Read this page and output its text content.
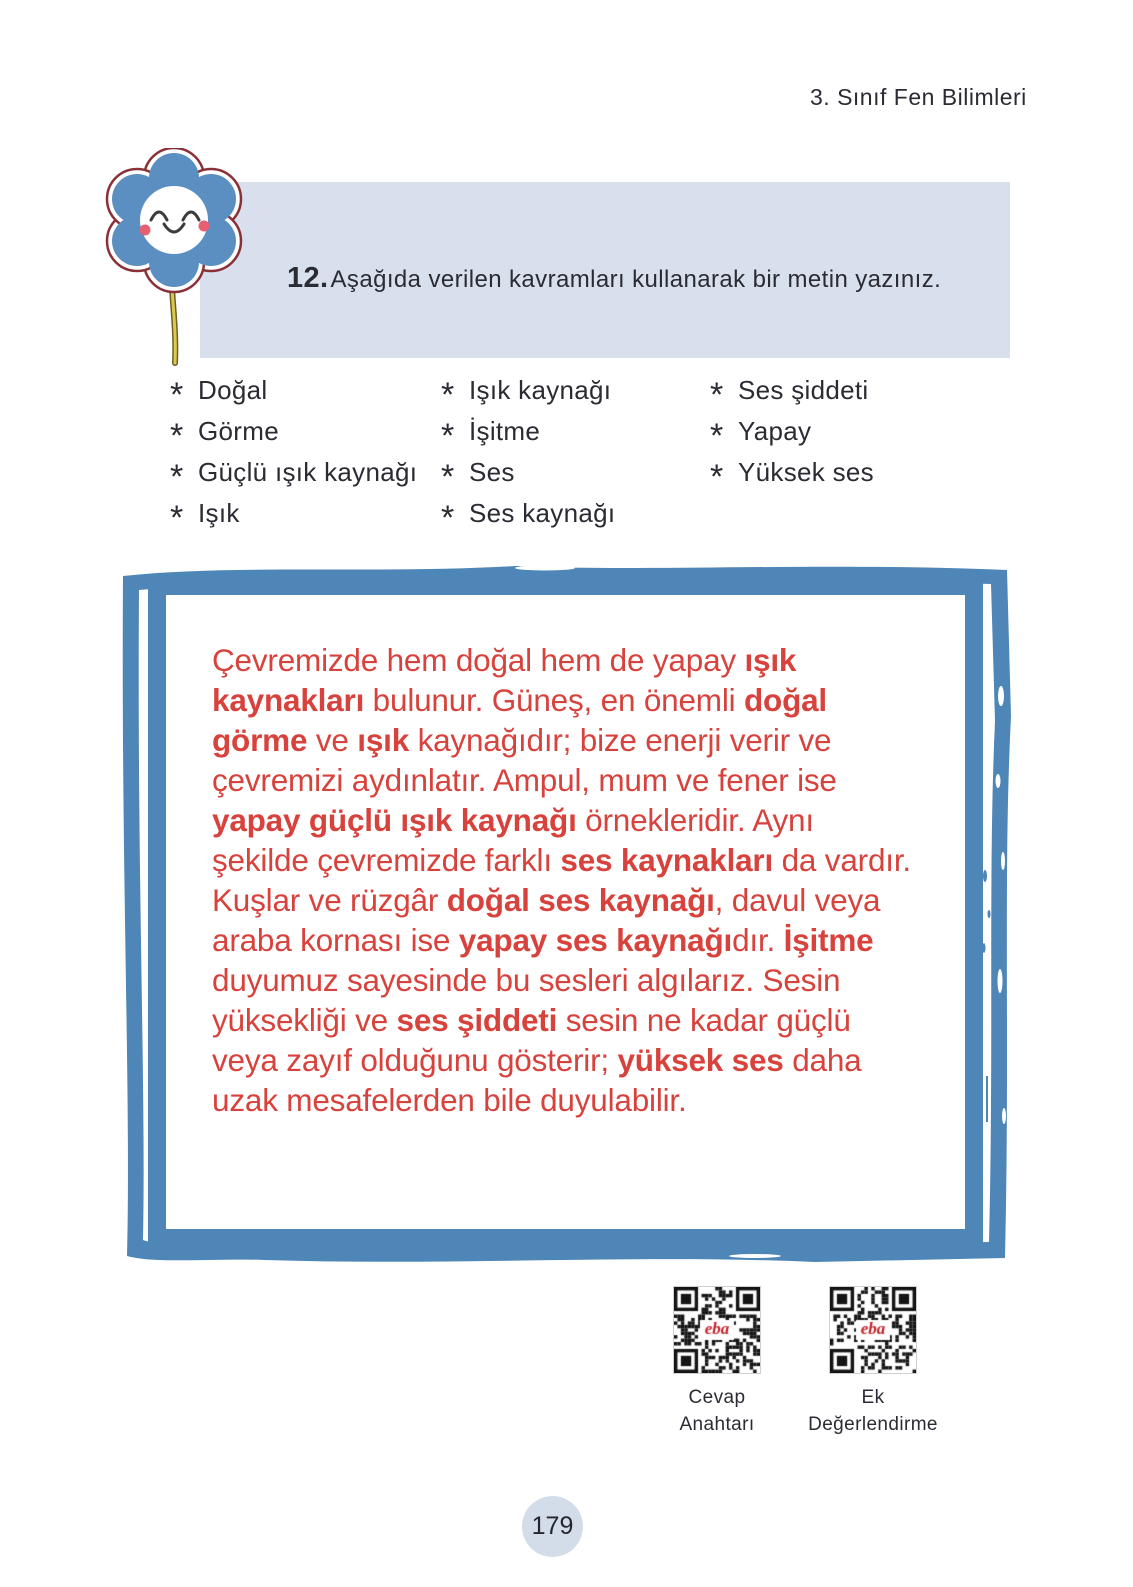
3. Sınıf Fen Bilimleri
12.Aşağıda verilen kavramları kullanarak bir metin yazınız.
* Doğal
* Görme
* Güçlü ışık kaynağı
* Işık
* Işık kaynağı
* İşitme
* Ses
* Ses kaynağı
* Ses şiddeti
* Yapay
* Yüksek ses

Çevremizde hem doğal hem de yapay ışık kaynakları bulunur. Güneş, en önemli doğal görme ve ışık kaynağıdır; bize enerji verir ve çevremizi aydınlatır. Ampul, mum ve fener ise yapay güçlü ışık kaynağı örnekleridir. Aynı şekilde çevremizde farklı ses kaynakları da vardır. Kuşlar ve rüzgâr doğal ses kaynağı, davul veya araba kornası ise yapay ses kaynağıdır. İşitme duyumuz sayesinde bu sesleri algılarız. Sesin yüksekliği ve ses şiddeti sesin ne kadar güçlü veya zayıf olduğunu gösterir; yüksek ses daha uzak mesafelerden bile duyulabilir.

Cevap
Anahtarı
Ek
Değerlendirme
179
